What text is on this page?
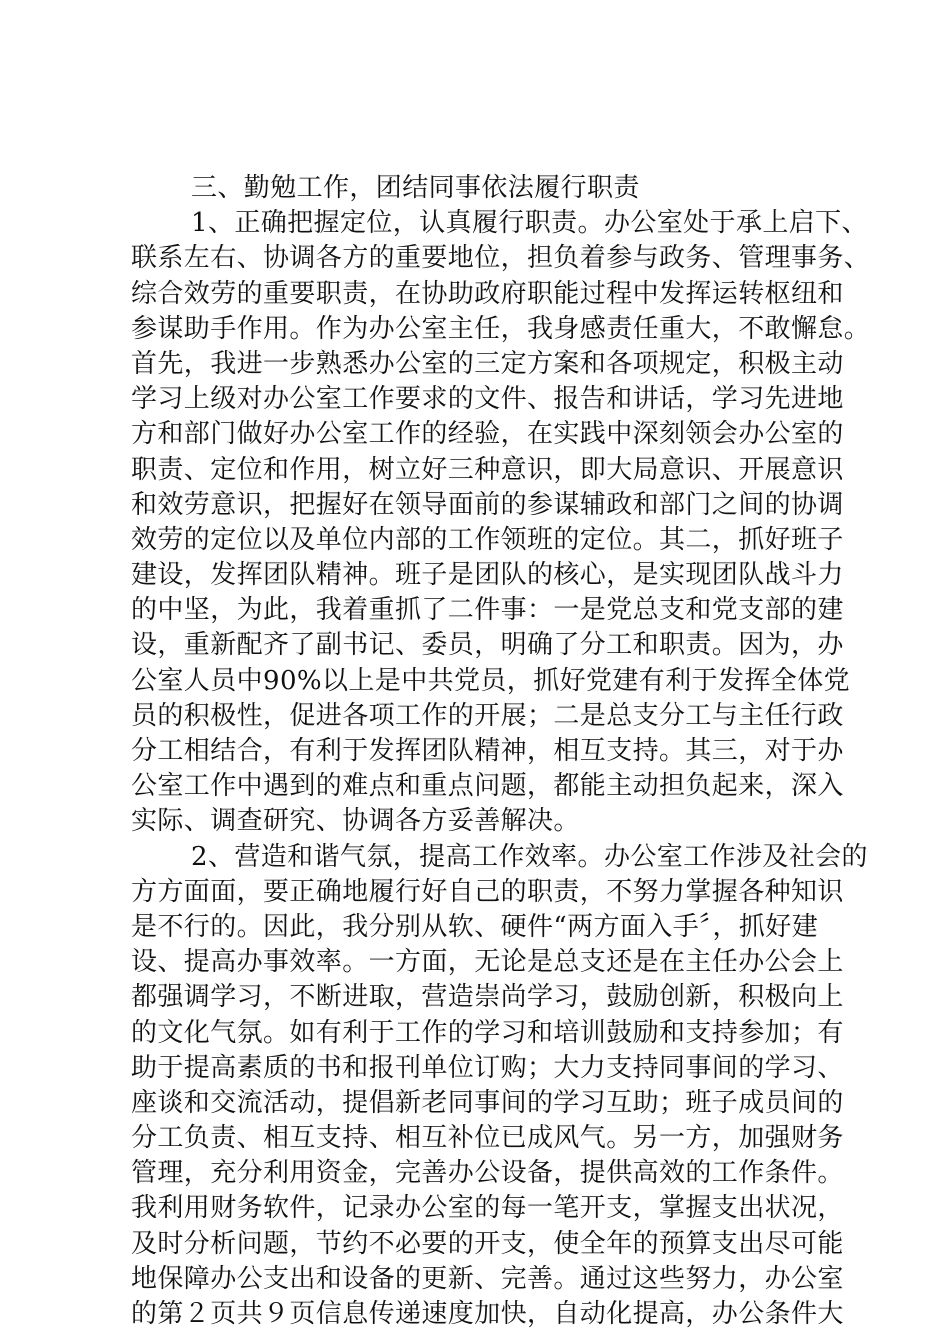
三、勤勉工作，团结同事依法履行职责
1、正确把握定位，认真履行职责。办公室处于承上启下、
联系左右、协调各方的重要地位，担负着参与政务、管理事务、
综合效劳的重要职责，在协助政府职能过程中发挥运转枢纽和
参谋助手作用。作为办公室主任，我身感责任重大，不敢懈怠。
首先，我进一步熟悉办公室的三定方案和各项规定，积极主动
学习上级对办公室工作要求的文件、报告和讲话，学习先进地
方和部门做好办公室工作的经验，在实践中深刻领会办公室的
职责、定位和作用，树立好三种意识，即大局意识、开展意识
和效劳意识，把握好在领导面前的参谋辅政和部门之间的协调
效劳的定位以及单位内部的工作领班的定位。其二，抓好班子
建设，发挥团队精神。班子是团队的核心，是实现团队战斗力
的中坚，为此，我着重抓了二件事：一是党总支和党支部的建
设，重新配齐了副书记、委员，明确了分工和职责。因为，办
公室人员中90%以上是中共党员，抓好党建有利于发挥全体党
员的积极性，促进各项工作的开展；二是总支分工与主任行政
分工相结合，有利于发挥团队精神，相互支持。其三，对于办
公室工作中遇到的难点和重点问题，都能主动担负起来，深入
实际、调查研究、协调各方妥善解决。
2、营造和谐气氛，提高工作效率。办公室工作涉及社会的
方方面面，要正确地履行好自己的职责，不努力掌握各种知识
是不行的。因此，我分别从软、硬件“两方面入手〞，抓好建
设、提高办事效率。一方面，无论是总支还是在主任办公会上
都强调学习，不断进取，营造崇尚学习，鼓励创新，积极向上
的文化气氛。如有利于工作的学习和培训鼓励和支持参加；有
助于提高素质的书和报刊单位订购；大力支持同事间的学习、
座谈和交流活动，提倡新老同事间的学习互助；班子成员间的
分工负责、相互支持、相互补位已成风气。另一方，加强财务
管理，充分利用资金，完善办公设备，提供高效的工作条件。
我利用财务软件，记录办公室的每一笔开支，掌握支出状况，
及时分析问题，节约不必要的开支，使全年的预算支出尽可能
地保障办公支出和设备的更新、完善。通过这些努力，办公室
的第２页共９页信息传递速度加快，自动化提高，办公条件大
